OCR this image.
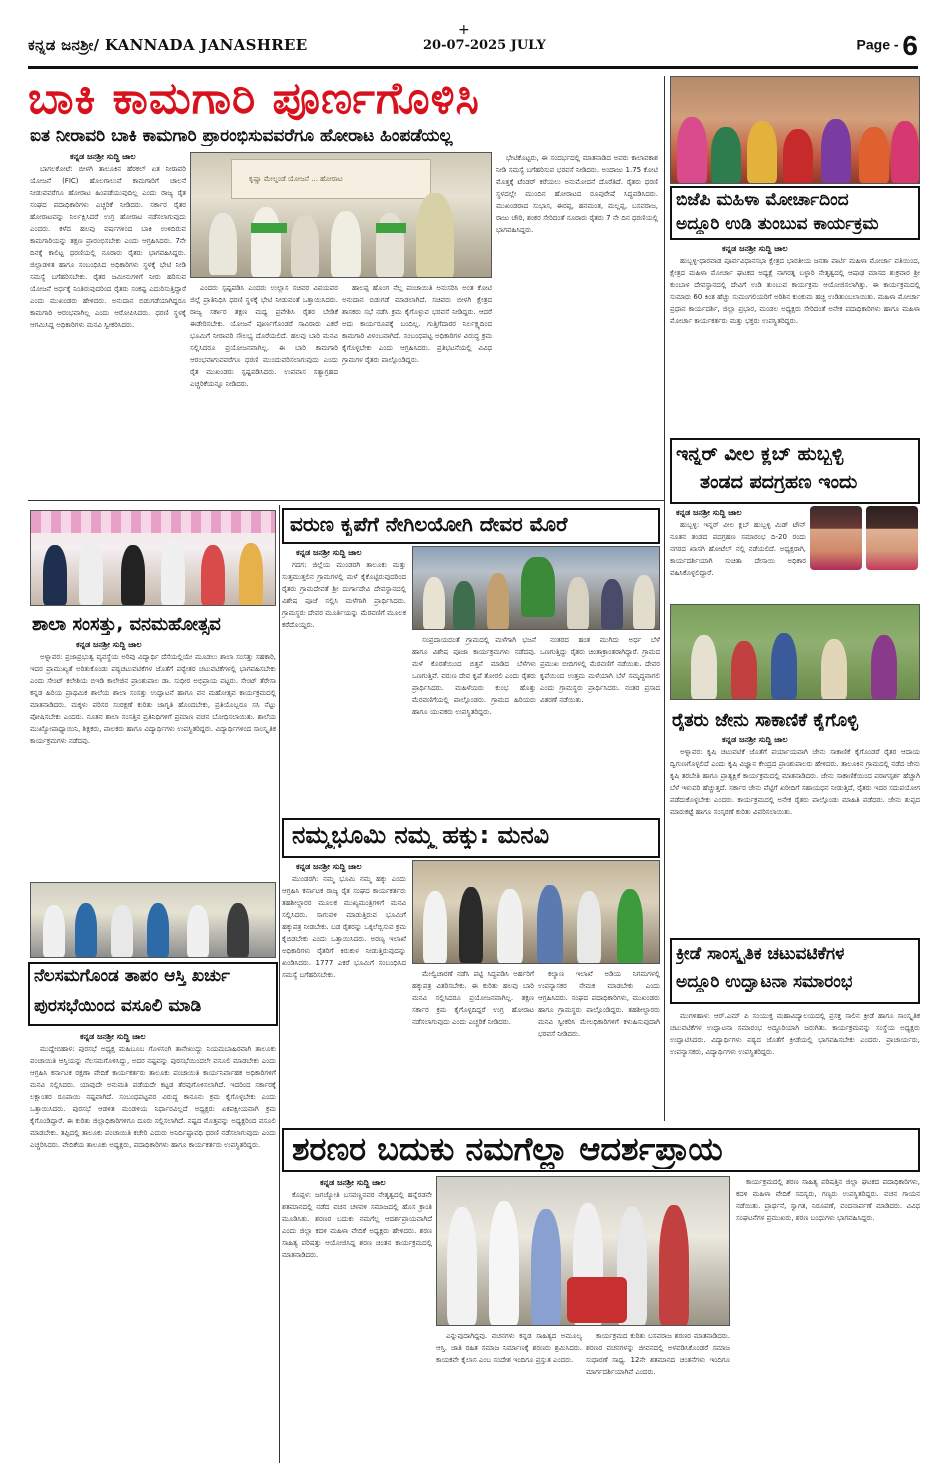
ಕನ್ನಡ ಜನಶ್ರೀ/ KANNADA JANASHREE
+
20-07-2025 JULY	Page - 6
ಬಾಕಿ ಕಾಮಗಾರಿ ಪೂರ್ಣಗೊಳಿಸಿ
ಐತ ನೀರಾವರಿ ಬಾಕಿ ಕಾಮಗಾರಿ ಪ್ರಾರಂಭಿಸುವವರೆಗೂ ಹೋರಾಟ ಹಿಂಪಡೆಯಲ್ಲ
ಕನ್ನಡ ಜನಶ್ರೀ ಸುದ್ದಿ ಜಾಲ

ಬಾಗಲಕೋಟೆ: ಬೀಳಗಿ ತಾಲೂಕಿನ ಹೆರಕಲ್ ಏತ ನೀರಾವರಿ ಯೋಜನೆ (FIC) ಹೊಲಗಾಲುವೆ ಕಾಮಗಾರಿಗೆ ಚಾಲನೆ ನೀಡುವವರೆಗೂ ಹೋರಾಟ ಹಿಂಪಡೆಯುವುದಿಲ್ಲ ಎಂದು ರಾಜ್ಯ ರೈತ ಸಂಘದ ಪದಾಧಿಕಾರಿಗಳು ಎಚ್ಚರಿಕೆ ನೀಡಿದರು. ಸರ್ಕಾರ ರೈತರ ಹೋರಾಟವನ್ನು ನಿರ್ಲಕ್ಷಿಸಿದರೆ ಉಗ್ರ ಹೋರಾಟ ನಡೆಸಲಾಗುವುದು ಎಂದರು. ಕಳೆದ ಹಲವು ವರ್ಷಗಳಿಂದ ಬಾಕಿ ಉಳಿದಿರುವ ಕಾಮಗಾರಿಯನ್ನು ತಕ್ಷಣ ಪ್ರಾರಂಭಿಸಬೇಕು ಎಂದು ಆಗ್ರಹಿಸಿದರು. 7ನೇ ದಿನಕ್ಕೆ ಕಾಲಿಟ್ಟ ಧರಣಿಯಲ್ಲಿ ನೂರಾರು ರೈತರು ಭಾಗವಹಿಸಿದ್ದರು. ಜಿಲ್ಲಾಡಳಿತ ಹಾಗೂ ಸಂಬಂಧಿಸಿದ ಅಧಿಕಾರಿಗಳು ಸ್ಥಳಕ್ಕೆ ಭೇಟಿ ನೀಡಿ ಸಮಸ್ಯೆ ಬಗೆಹರಿಸಬೇಕು. ರೈತರ ಜಮೀನುಗಳಿಗೆ ನೀರು ಹರಿಸುವ ಯೋಜನೆ ಅರ್ಧಕ್ಕೆ ನಿಂತಿರುವುದರಿಂದ ರೈತರು ಸಂಕಷ್ಟ ಎದುರಿಸುತ್ತಿದ್ದಾರೆ ಎಂದು ಮುಖಂಡರು ಹೇಳಿದರು. ಅನುದಾನ ಬಿಡುಗಡೆಯಾಗಿದ್ದರೂ ಕಾಮಗಾರಿ ಆರಂಭವಾಗಿಲ್ಲ ಎಂದು ಆರೋಪಿಸಿದರು. ಧರಣಿ ಸ್ಥಳಕ್ಕೆ ಆಗಮಿಸಿದ್ದ ಅಧಿಕಾರಿಗಳು ಮನವಿ ಸ್ವೀಕರಿಸಿದರು.

ಕೃಷ್ಣಾ ಮೇಲ್ದಂಡೆ ಯೋಜನೆ ... ಹೋರಾಟ

ಎಂದರು ಸ್ಪಷ್ಟಪಡಿಸಿ ಎಂದರು ಉಲ್ಲಾಸ ಸಚಿವರ ವಿಪಯವರ ಜಿಲ್ಲೆ ಪ್ರಾತಿನಿಧಿಸಿ ಧರಣಿ ಸ್ಥಳಕ್ಕೆ ಭೇಟಿ ನೀಡುವಂತೆ ಒತ್ತಾಯಿಸಿದರು. ರಾಜ್ಯ ಸರ್ಕಾರ ತಕ್ಷಣ ಮಧ್ಯ ಪ್ರವೇಶಿಸಿ ರೈತರ ಬೇಡಿಕೆ ಈಡೇರಿಸಬೇಕು. ಯೋಜನೆ ಪೂರ್ಣಗೊಂಡರೆ ಸಾವಿರಾರು ಎಕರೆ ಭೂಮಿಗೆ ನೀರಾವರಿ ಸೌಲಭ್ಯ ದೊರೆಯಲಿದೆ. ಹಲವು ಬಾರಿ ಮನವಿ ಸಲ್ಲಿಸಿದರೂ ಪ್ರಯೋಜನವಾಗಿಲ್ಲ. ಈ ಬಾರಿ ಕಾಮಗಾರಿ ಆರಂಭವಾಗುವವರೆಗೂ ಧರಣಿ ಮುಂದುವರಿಸಲಾಗುವುದು ಎಂದು ರೈತ ಮುಖಂಡರು ಸ್ಪಷ್ಟಪಡಿಸಿದರು. ಉಪವಾಸ ಸತ್ಯಾಗ್ರಹದ ಎಚ್ಚರಿಕೆಯನ್ನೂ ನೀಡಿದರು.

ಹಾಲಪ್ಪ ಹೊಂಗ ನೆಲ್ಲ ಪಂಚಾಯಿತಿ ಅನುಸರಿಸಿ ಅಂತ ಕೋಟಿ ಅನುದಾನ ಬಿಡುಗಡೆ ಮಾಡಲಾಗಿದೆ. ಸಚಿವರು ಬೀಳಗಿ ಕ್ಷೇತ್ರದ ಶಾಸಕರು ಸಭೆ ನಡೆಸಿ ಕ್ರಮ ಕೈಗೊಳ್ಳುವ ಭರವಸೆ ನೀಡಿದ್ದರು. ಆದರೆ ಅದು ಕಾರ್ಯರೂಪಕ್ಕೆ ಬಂದಿಲ್ಲ. ಗುತ್ತಿಗೆದಾರರ ನಿರ್ಲಕ್ಷ್ಯದಿಂದ ಕಾಮಗಾರಿ ವಿಳಂಬವಾಗಿದೆ. ಸಂಬಂಧಪಟ್ಟ ಅಧಿಕಾರಿಗಳ ವಿರುದ್ಧ ಕ್ರಮ ಕೈಗೊಳ್ಳಬೇಕು ಎಂದು ಆಗ್ರಹಿಸಿದರು. ಪ್ರತಿಭಟನೆಯಲ್ಲಿ ವಿವಿಧ ಗ್ರಾಮಗಳ ರೈತರು ಪಾಲ್ಗೊಂಡಿದ್ದರು.

ಭೇಟಿಕೊಟ್ಟರು, ಈ ಸಂದರ್ಭದಲ್ಲಿ ಮಾತನಾಡಿದ ಅವರು ಕಾಲಾವಕಾಶ ನೀಡಿ ಸಮಸ್ಯೆ ಬಗೆಹರಿಸುವ ಭರವಸೆ ನೀಡಿದರು. ಅಂದಾಜು 1.75 ಕೋಟಿ ಮೊತ್ತಕ್ಕೆ ಟೆಂಡರ್ ಕರೆಯಲು ಅನುಮೋದನೆ ದೊರೆತಿದೆ. ರೈತರು ಧರಣಿ ಸ್ಥಳದಲ್ಲೇ ಮುಂದಿನ ಹೋರಾಟದ ರೂಪುರೇಷೆ ಸಿದ್ಧಪಡಿಸಿದರು. ಮುಖಂಡರಾದ ಸುಭಾಸ, ಈರಪ್ಪ, ಹನಮಂತ, ಮಲ್ಲಪ್ಪ, ಬಸವರಾಜ, ರಾಜು ಚೌರಿ, ಶಂಕರ ಸೇರಿದಂತೆ ನೂರಾರು ರೈತರು 7 ನೇ ದಿನ ಧರಣಿಯಲ್ಲಿ ಭಾಗವಹಿಸಿದ್ದರು.

ಬಿಜೆಪಿ ಮಹಿಳಾ ಮೋರ್ಚಾದಿಂದ
ಅದ್ಧೂರಿ ಉಡಿ ತುಂಬುವ ಕಾರ್ಯಕ್ರಮ
ಕನ್ನಡ ಜನಶ್ರೀ ಸುದ್ದಿ ಜಾಲ

ಹುಬ್ಬಳ್ಳಿ-ಧಾರವಾಡ ಪೂರ್ವವಿಧಾನಸಭಾ ಕ್ಷೇತ್ರದ ಭಾರತೀಯ ಜನತಾ ಪಾರ್ಟಿ ಮಹಿಳಾ ಮೋರ್ಚಾ ವತಿಯಿಂದ, ಕ್ಷೇತ್ರದ ಮಹಿಳಾ ಮೋರ್ಚಾ ಘಟಕದ ಅಧ್ಯಕ್ಷೆ ನಾಗರತ್ನ ಬಳ್ಳಾರಿ ನೇತೃತ್ವದಲ್ಲಿ ಆಷಾಢ ಮಾಸದ ಶುಕ್ರವಾರ ಶ್ರೀ ಕುಂಬಾಳ ದೇವಸ್ಥಾನದಲ್ಲಿ ದೇವಿಗೆ ಉಡಿ ತುಂಬುವ ಕಾರ್ಯಕ್ರಮ ಆಯೋಜಿಸಲಾಗಿತ್ತು. ಈ ಕಾರ್ಯಕ್ರಮದಲ್ಲಿ ಸುಮಾರು 60 ಕಿಂತ ಹೆಚ್ಚು ಸುಮಂಗಲಿಯರಿಗೆ ಅರಿಶಿನ ಕುಂಕುಮ ಹಚ್ಚಿ ಉಡಿತುಂಬಲಾಯಿತು. ಮಹಿಳಾ ಮೋರ್ಚಾ ಪ್ರಧಾನ ಕಾರ್ಯದರ್ಶಿ, ಜಿಲ್ಲಾ ಪ್ರಭಾರ, ಮಂಡಲ ಅಧ್ಯಕ್ಷರು ಸೇರಿದಂತೆ ಅನೇಕ ಪದಾಧಿಕಾರಿಗಳು ಹಾಗೂ ಮಹಿಳಾ ಮೋರ್ಚಾ ಕಾರ್ಯಕರ್ತರು ಮತ್ತು ಭಕ್ತರು ಉಪಸ್ಥಿತರಿದ್ದರು.

ಇನ್ನರ್ ವೀಲ ಕ್ಲಬ್ ಹುಬ್ಬಳ್ಳಿ
ತಂಡದ ಪದಗ್ರಹಣ ಇಂದು
ಕನ್ನಡ ಜನಶ್ರೀ ಸುದ್ದಿ ಜಾಲ

ಹುಬ್ಬಳ್ಳಿ: ಇನ್ನರ್ ವೀಲ ಕ್ಲಬ್ ಹುಬ್ಬಳ್ಳಿ ಮಿಡ್ ಟೌನ್ ನೂತನ ತಂಡದ ಪದಗ್ರಹಣ ಸಮಾರಂಭ ದಿ-20 ರಂದು ನಗರದ ಖಾಸಗಿ ಹೋಟೆಲ್ ನಲ್ಲಿ ನಡೆಯಲಿದೆ. ಅಧ್ಯಕ್ಷರಾಗಿ, ಕಾರ್ಯದರ್ಶಿಯಾಗಿ ಸುಚಿತಾ ದೇಸಾಯಿ ಅಧಿಕಾರ ವಹಿಸಿಕೊಳ್ಳಲಿದ್ದಾರೆ.

ರೈತರು ಜೇನು ಸಾಕಾಣಿಕೆ ಕೈಗೊಳ್ಳಿ
ಕನ್ನಡ ಜನಶ್ರೀ ಸುದ್ದಿ ಜಾಲ

ಅಳ್ನಾವರ: ಕೃಷಿ ಚಟುವಟಿಕೆ ಜೊತೆಗೆ ಪರ್ಯಾಯವಾಗಿ ಜೇನು ಸಾಕಾಣಿಕೆ ಕೈಗೊಂಡರೆ ರೈತರ ಆದಾಯ ದ್ವಿಗುಣಗೊಳ್ಳಲಿದೆ ಎಂದು ಕೃಷಿ ವಿಜ್ಞಾನ ಕೇಂದ್ರದ ಪ್ರಾಂಶುಪಾಲರು ಹೇಳಿದರು. ತಾಲೂಕಿನ ಗ್ರಾಮದಲ್ಲಿ ನಡೆದ ಜೇನು ಕೃಷಿ ತರಬೇತಿ ಹಾಗೂ ಪ್ರಾತ್ಯಕ್ಷಿಕೆ ಕಾರ್ಯಕ್ರಮದಲ್ಲಿ ಮಾತನಾಡಿದರು. ಜೇನು ಸಾಕಾಣಿಕೆಯಿಂದ ಪರಾಗಸ್ಪರ್ಶ ಹೆಚ್ಚಾಗಿ ಬೆಳೆ ಇಳುವರಿ ಹೆಚ್ಚುತ್ತದೆ. ಸರ್ಕಾರ ಜೇನು ಪೆಟ್ಟಿಗೆ ಖರೀದಿಗೆ ಸಹಾಯಧನ ನೀಡುತ್ತಿದೆ, ರೈತರು ಇದರ ಸದುಪಯೋಗ ಪಡೆದುಕೊಳ್ಳಬೇಕು ಎಂದರು. ಕಾರ್ಯಕ್ರಮದಲ್ಲಿ ಅನೇಕ ರೈತರು ಪಾಲ್ಗೊಂಡು ಮಾಹಿತಿ ಪಡೆದರು. ಜೇನು ತುಪ್ಪದ ಮಾರುಕಟ್ಟೆ ಹಾಗೂ ಸಂಸ್ಕರಣೆ ಕುರಿತು ವಿವರಿಸಲಾಯಿತು.

ಕ್ರೀಡೆ ಸಾಂಸ್ಕೃತಿಕ ಚಟುವಟಿಕೆಗಳ
ಅದ್ಧೂರಿ ಉದ್ಘಾಟನಾ ಸಮಾರಂಭ

ಮುಗಳಿಹಾಳ: ಆರ್.ಎಮ್ ಪಿ ಸಂಯುಕ್ತ ಮಹಾವಿದ್ಯಾಲಯದಲ್ಲಿ ಪ್ರಸಕ್ತ ಸಾಲಿನ ಕ್ರೀಡೆ ಹಾಗೂ ಸಾಂಸ್ಕೃತಿಕ ಚಟುವಟಿಕೆಗಳ ಉದ್ಘಾಟನಾ ಸಮಾರಂಭ ಅದ್ಧೂರಿಯಾಗಿ ಜರುಗಿತು. ಕಾರ್ಯಕ್ರಮವನ್ನು ಸಂಸ್ಥೆಯ ಅಧ್ಯಕ್ಷರು ಉದ್ಘಾಟಿಸಿದರು. ವಿದ್ಯಾರ್ಥಿಗಳು ಪಠ್ಯದ ಜೊತೆಗೆ ಕ್ರೀಡೆಯಲ್ಲಿ ಭಾಗವಹಿಸಬೇಕು ಎಂದರು. ಪ್ರಾಚಾರ್ಯರು, ಉಪನ್ಯಾಸಕರು, ವಿದ್ಯಾರ್ಥಿಗಳು ಉಪಸ್ಥಿತರಿದ್ದರು.

ಶಾಲಾ ಸಂಸತ್ತು, ವನಮಹೋತ್ಸವ
ಕನ್ನಡ ಜನಶ್ರೀ ಸುದ್ದಿ ಜಾಲ

ಅಳ್ನಾವರ: ಪ್ರಜಾಪ್ರಭುತ್ವ ವ್ಯವಸ್ಥೆಯ ಅರಿವು ವಿದ್ಯಾರ್ಥಿ ದೆಸೆಯಲ್ಲಿಯೇ ಮೂಡಲು ಶಾಲಾ ಸಂಸತ್ತು ಸಹಕಾರಿ, ಇದರ ಪ್ರಾಮುಖ್ಯತೆ ಅರಿತುಕೊಂಡು ಪಠ್ಯಚಟುವಟಿಕೆಗಳ ಜೊತೆಗೆ ಪಠ್ಯೇತರ ಚಟುವಟಿಕೆಗಳಲ್ಲಿ ಭಾಗವಹಿಸಬೇಕು ಎಂದು ಸೇಂಟ್ ಕಲೇಶಿಯ ಬಿಇಡಿ ಕಾಲೇಜಿನ ಪ್ರಾಂಶುಪಾಲ ಡಾ. ಸುಧೀರ ಅಭಿಪ್ರಾಯ ಪಟ್ಟರು. ಸೇಂಟ್ ತೆರೇಸಾ ಕನ್ನಡ ಹಿರಿಯ ಪ್ರಾಥಮಿಕ ಶಾಲೆಯ ಶಾಲಾ ಸಂಸತ್ತು ಉದ್ಘಾಟನೆ ಹಾಗೂ ವನ ಮಹೋತ್ಸವ ಕಾರ್ಯಕ್ರಮದಲ್ಲಿ ಮಾತನಾಡಿದರು. ಮಕ್ಕಳು ಪರಿಸರ ಸಂರಕ್ಷಣೆ ಕುರಿತು ಜಾಗೃತಿ ಹೊಂದಬೇಕು, ಪ್ರತಿಯೊಬ್ಬರೂ ಸಸಿ ನೆಟ್ಟು ಪೋಷಿಸಬೇಕು ಎಂದರು. ನೂತನ ಶಾಲಾ ಸಂಸತ್ತಿನ ಪ್ರತಿನಿಧಿಗಳಿಗೆ ಪ್ರಮಾಣ ವಚನ ಬೋಧಿಸಲಾಯಿತು. ಶಾಲೆಯ ಮುಖ್ಯೋಪಾಧ್ಯಾಯಿನಿ, ಶಿಕ್ಷಕರು, ಪಾಲಕರು ಹಾಗೂ ವಿದ್ಯಾರ್ಥಿಗಳು ಉಪಸ್ಥಿತರಿದ್ದರು. ವಿದ್ಯಾರ್ಥಿಗಳಿಂದ ಸಾಂಸ್ಕೃತಿಕ ಕಾರ್ಯಕ್ರಮಗಳು ನಡೆದವು.

ನೆಲಸಮಗೊಂಡ ತಾಪಂ ಆಸ್ತಿ ಖರ್ಚು
ಪುರಸಭೆಯಿಂದ ವಸೂಲಿ ಮಾಡಿ
ಕನ್ನಡ ಜನಶ್ರೀ ಸುದ್ದಿ ಜಾಲ

ಮುದ್ದೇಬಿಹಾಳ: ಪುರಸಭೆ ಅಧ್ಯಕ್ಷ ಮಹಿಬೂಬ ಗೊಳಸಂಗಿ ತಾನೇಖುದ್ದು ನಿಯಮಬಾಹಿರವಾಗಿ ತಾಲೂಕು ಪಂಚಾಯಿತಿ ಆಸ್ತಿಯನ್ನು ನೆಲಸಮಗೊಳಿಸಿದ್ದು, ಅದರ ನಷ್ಟವನ್ನು ಪುರಸಭೆಯಿಂದಲೇ ವಸೂಲಿ ಮಾಡಬೇಕು ಎಂದು ಆಗ್ರಹಿಸಿ ಕರ್ನಾಟಕ ರಕ್ಷಣಾ ವೇದಿಕೆ ಕಾರ್ಯಕರ್ತರು ತಾಲೂಕು ಪಂಚಾಯಿತಿ ಕಾರ್ಯನಿರ್ವಾಹಕ ಅಧಿಕಾರಿಗಳಿಗೆ ಮನವಿ ಸಲ್ಲಿಸಿದರು. ಯಾವುದೇ ಅನುಮತಿ ಪಡೆಯದೇ ಕಟ್ಟಡ ತೆರವುಗೊಳಿಸಲಾಗಿದೆ. ಇದರಿಂದ ಸರ್ಕಾರಕ್ಕೆ ಲಕ್ಷಾಂತರ ರೂಪಾಯಿ ನಷ್ಟವಾಗಿದೆ. ಸಂಬಂಧಪಟ್ಟವರ ವಿರುದ್ಧ ಕಾನೂನು ಕ್ರಮ ಕೈಗೊಳ್ಳಬೇಕು ಎಂದು ಒತ್ತಾಯಿಸಿದರು. ಪುರಸಭೆ ಆಡಳಿತ ಮಂಡಳಿಯ ನಿರ್ಧಾರವಿಲ್ಲದೆ ಅಧ್ಯಕ್ಷರು ಏಕಪಕ್ಷೀಯವಾಗಿ ಕ್ರಮ ಕೈಗೊಂಡಿದ್ದಾರೆ. ಈ ಕುರಿತು ಜಿಲ್ಲಾಧಿಕಾರಿಗಳಿಗೂ ದೂರು ಸಲ್ಲಿಸಲಾಗಿದೆ. ನಷ್ಟದ ಮೊತ್ತವನ್ನು ಅಧ್ಯಕ್ಷರಿಂದ ವಸೂಲಿ ಮಾಡಬೇಕು. ತಪ್ಪಿದಲ್ಲಿ ತಾಲೂಕು ಪಂಚಾಯಿತಿ ಕಚೇರಿ ಎದುರು ಅನಿರ್ದಿಷ್ಟಾವಧಿ ಧರಣಿ ನಡೆಸಲಾಗುವುದು ಎಂದು ಎಚ್ಚರಿಸಿದರು. ವೇದಿಕೆಯ ತಾಲೂಕು ಅಧ್ಯಕ್ಷರು, ಪದಾಧಿಕಾರಿಗಳು ಹಾಗೂ ಕಾರ್ಯಕರ್ತರು ಉಪಸ್ಥಿತರಿದ್ದರು.

ವರುಣ ಕೃಪೆಗೆ ನೇಗಿಲಯೋಗಿ ದೇವರ ಮೊರೆ
ಕನ್ನಡ ಜನಶ್ರೀ ಸುದ್ದಿ ಜಾಲ

ಗದಗ: ಜಿಲ್ಲೆಯ ಮುಂಡರಗಿ ತಾಲೂಕು ಮತ್ತು ಸುತ್ತಮುತ್ತಲಿನ ಗ್ರಾಮಗಳಲ್ಲಿ ಮಳೆ ಕೈಕೊಟ್ಟಿರುವುದರಿಂದ ರೈತರು ಗ್ರಾಮದೇವತೆ ಶ್ರೀ ದುರ್ಗಾದೇವಿ ದೇವಸ್ಥಾನದಲ್ಲಿ ವಿಶೇಷ ಪೂಜೆ ಸಲ್ಲಿಸಿ ಮಳೆಗಾಗಿ ಪ್ರಾರ್ಥಿಸಿದರು. ಗ್ರಾಮಸ್ಥರು ದೇವರ ಮೂರ್ತಿಯನ್ನು ಮೆರವಣಿಗೆ ಮೂಲಕ ಕರೆದೊಯ್ದರು.

ಸಂಪ್ರದಾಯದಂತೆ ಗ್ರಾಮದಲ್ಲಿ ಮಳೆಗಾಗಿ ಭಜನೆ ಹಾಗೂ ವಿಶೇಷ ಪೂಜಾ ಕಾರ್ಯಕ್ರಮಗಳು ನಡೆದವು. ಮಳೆ ಕೊರತೆಯಿಂದ ಬಿತ್ತನೆ ಮಾಡಿದ ಬೆಳೆಗಳು ಒಣಗುತ್ತಿವೆ. ವರುಣ ದೇವ ಕೃಪೆ ತೋರಲಿ ಎಂದು ರೈತರು ಪ್ರಾರ್ಥಿಸಿದರು. ಮಹಿಳೆಯರು ಕುಂಭ ಹೊತ್ತು ಮೆರವಣಿಗೆಯಲ್ಲಿ ಪಾಲ್ಗೊಂಡರು. ಗ್ರಾಮದ ಹಿರಿಯರು ಹಾಗೂ ಯುವಕರು ಉಪಸ್ಥಿತರಿದ್ದರು.

ನಂತರದ ಹಂತ ಮುಗಿದು ಅರ್ಧ ಬೆಳೆ ಒಣಗುತ್ತಿದ್ದು ರೈತರು ಚಿಂತಾಕ್ರಾಂತರಾಗಿದ್ದಾರೆ. ಗ್ರಾಮದ ಪ್ರಮುಖ ಬೀದಿಗಳಲ್ಲಿ ಮೆರವಣಿಗೆ ನಡೆಯಿತು. ದೇವರ ಕೃಪೆಯಿಂದ ಉತ್ತಮ ಮಳೆಯಾಗಿ ಬೆಳೆ ಸಮೃದ್ಧವಾಗಲಿ ಎಂದು ಗ್ರಾಮಸ್ಥರು ಪ್ರಾರ್ಥಿಸಿದರು. ನಂತರ ಪ್ರಸಾದ ವಿತರಣೆ ನಡೆಯಿತು.

ನಮ್ಮಭೂಮಿ ನಮ್ಮ ಹಕ್ಕು: ಮನವಿ
ಕನ್ನಡ ಜನಶ್ರೀ ಸುದ್ದಿ ಜಾಲ

ಮುಂಡರಗಿ: ನಮ್ಮ ಭೂಮಿ ನಮ್ಮ ಹಕ್ಕು ಎಂದು ಆಗ್ರಹಿಸಿ ಕರ್ನಾಟಕ ರಾಜ್ಯ ರೈತ ಸಂಘದ ಕಾರ್ಯಕರ್ತರು ತಹಶೀಲ್ದಾರರ ಮೂಲಕ ಮುಖ್ಯಮಂತ್ರಿಗಳಿಗೆ ಮನವಿ ಸಲ್ಲಿಸಿದರು. ಸಾಗುವಳಿ ಮಾಡುತ್ತಿರುವ ಭೂಮಿಗೆ ಹಕ್ಕುಪತ್ರ ನೀಡಬೇಕು. ಬಡ ರೈತರನ್ನು ಒಕ್ಕಲೆಬ್ಬಿಸುವ ಕ್ರಮ ಕೈಬಿಡಬೇಕು ಎಂದು ಒತ್ತಾಯಿಸಿದರು. ಅರಣ್ಯ ಇಲಾಖೆ ಅಧಿಕಾರಿಗಳು ರೈತರಿಗೆ ಕಿರುಕುಳ ನೀಡುತ್ತಿರುವುದನ್ನು ಖಂಡಿಸಿದರು. 1777 ಎಕರೆ ಭೂಮಿಗೆ ಸಂಬಂಧಿಸಿದ ಸಮಸ್ಯೆ ಬಗೆಹರಿಸಬೇಕು.	ಮೇಲ್ವಿಚಾರಣೆ ನಡೆಸಿ ಪಟ್ಟಿ ಸಿದ್ಧಪಡಿಸಿ ಅರ್ಹರಿಗೆ ಹಕ್ಕುಪತ್ರ ವಿತರಿಸಬೇಕು. ಈ ಕುರಿತು ಹಲವು ಬಾರಿ ಮನವಿ ಸಲ್ಲಿಸಿದರೂ ಪ್ರಯೋಜನವಾಗಿಲ್ಲ. ತಕ್ಷಣ ಸರ್ಕಾರ ಕ್ರಮ ಕೈಗೊಳ್ಳದಿದ್ದರೆ ಉಗ್ರ ಹೋರಾಟ ನಡೆಸಲಾಗುವುದು ಎಂದು ಎಚ್ಚರಿಕೆ ನೀಡಿದರು.

ಕಲ್ಯಾಣ ಇಲಾಖೆ ಅಡಿಯ ನಿಗಮಗಳಲ್ಲಿ ಉಪನ್ಯಾಸಕರ ನೇಮಕ ಮಾಡಬೇಕು ಎಂದು ಆಗ್ರಹಿಸಿದರು. ಸಂಘದ ಪದಾಧಿಕಾರಿಗಳು, ಮುಖಂಡರು ಹಾಗೂ ಗ್ರಾಮಸ್ಥರು ಪಾಲ್ಗೊಂಡಿದ್ದರು. ತಹಶೀಲ್ದಾರರು ಮನವಿ ಸ್ವೀಕರಿಸಿ ಮೇಲಧಿಕಾರಿಗಳಿಗೆ ಕಳುಹಿಸುವುದಾಗಿ ಭರವಸೆ ನೀಡಿದರು.

ಶರಣರ ಬದುಕು ನಮಗೆಲ್ಲಾ ಆದರ್ಶಪ್ರಾಯ
ಕನ್ನಡ ಜನಶ್ರೀ ಸುದ್ದಿ ಜಾಲ

ಕೊಪ್ಪಳ: ಜಗಜ್ಯೋತಿ ಬಸವಣ್ಣನವರ ನೇತೃತ್ವದಲ್ಲಿ ಹನ್ನೆರಡನೇ ಶತಮಾನದಲ್ಲಿ ನಡೆದ ವಚನ ಚಳವಳಿ ಸಮಾಜದಲ್ಲಿ ಹೊಸ ಕ್ರಾಂತಿ ಮೂಡಿಸಿತು. ಶರಣರ ಬದುಕು ನಮಗೆಲ್ಲ ಆದರ್ಶಪ್ರಾಯವಾಗಿದೆ ಎಂದು ಜಿಲ್ಲಾ ಕದಳಿ ಮಹಿಳಾ ವೇದಿಕೆ ಅಧ್ಯಕ್ಷರು ಹೇಳಿದರು. ಶರಣ ಸಾಹಿತ್ಯ ಪರಿಷತ್ತು ಆಯೋಜಿಸಿದ್ದ ಶರಣ ಚಿಂತನ ಕಾರ್ಯಕ್ರಮದಲ್ಲಿ ಮಾತನಾಡಿದರು.

ಎನ್ನುವುದಾಗಿದ್ದವು. ವಚನಗಳು ಕನ್ನಡ ಸಾಹಿತ್ಯದ ಅಮೂಲ್ಯ ಆಸ್ತಿ. ಜಾತಿ ರಹಿತ ಸಮಾಜ ನಿರ್ಮಾಣಕ್ಕೆ ಶರಣರು ಶ್ರಮಿಸಿದರು. ಕಾಯಕವೇ ಕೈಲಾಸ ಎಂಬ ಸಂದೇಶ ಇಂದಿಗೂ ಪ್ರಸ್ತುತ ಎಂದರು.

ಕಾರ್ಯಕ್ರಮದ ಕುರಿತು ಬಸವರಾಜ ಶರಣರ ಮಾತನಾಡಿದರು. ಶರಣರ ವಚನಗಳನ್ನು ಜೀವನದಲ್ಲಿ ಅಳವಡಿಸಿಕೊಂಡರೆ ಸಮಾಜ ಸುಧಾರಣೆ ಸಾಧ್ಯ. 12ನೇ ಶತಮಾನದ ಚಿಂತನೆಗಳು ಇಂದಿಗೂ ಮಾರ್ಗದರ್ಶಿಯಾಗಿವೆ ಎಂದರು.

ಕಾರ್ಯಕ್ರಮದಲ್ಲಿ ಶರಣ ಸಾಹಿತ್ಯ ಪರಿಷತ್ತಿನ ಜಿಲ್ಲಾ ಘಟಕದ ಪದಾಧಿಕಾರಿಗಳು, ಕದಳಿ ಮಹಿಳಾ ವೇದಿಕೆ ಸದಸ್ಯರು, ಗಣ್ಯರು ಉಪಸ್ಥಿತರಿದ್ದರು. ವಚನ ಗಾಯನ ನಡೆಯಿತು. ಪ್ರಾರ್ಥನೆ, ಸ್ವಾಗತ, ನಿರೂಪಣೆ, ವಂದನಾರ್ಪಣೆ ಮಾಡಿದರು. ವಿವಿಧ ಸಂಘಟನೆಗಳ ಪ್ರಮುಖರು, ಶರಣ ಬಂಧುಗಳು ಭಾಗವಹಿಸಿದ್ದರು.
